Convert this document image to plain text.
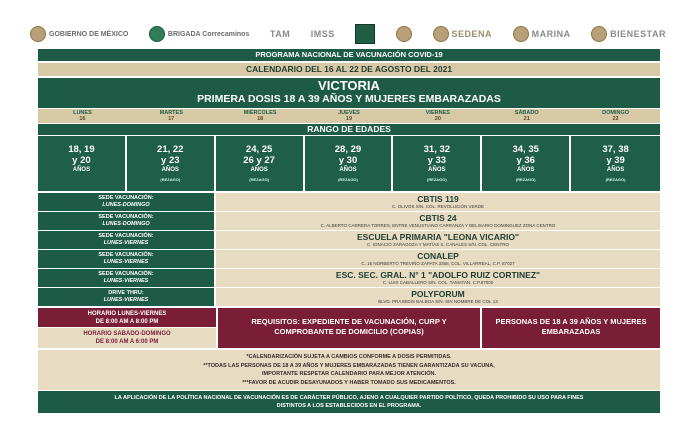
GOBIERNO DE MÉXICO	BRIGADA Correcaminos TAM IMSS	SEDENA	MARINA	BIENESTAR
PROGRAMA NACIONAL DE VACUNACIÓN COVID-19
CALENDARIO DEL 16 AL 22 DE AGOSTO DEL 2021
VICTORIA
PRIMERA DOSIS 18 A 39 AÑOS Y MUJERES EMBARAZADAS
LUNES
16
MARTES
17
MIÉRCOLES
18
JUEVES
19
VIERNES
20
SÁBADO
21
DOMINGO
22
RANGO DE EDADES
18, 19
y 20
AÑOS
21, 22
y 23
AÑOS
(REZAGO)
24, 25
26 y 27
AÑOS
(REZAGO)
28, 29
y 30
AÑOS
(REZAGO)
31, 32
y 33
AÑOS
(REZAGO)
34, 35
y 36
AÑOS
(REZAGO)
37, 38
y 39
AÑOS
(REZAGO)
SEDE VACUNACIÓN:
LUNES-DOMINGO
CBTIS 119
C. OLIVOS S/N. COL. REVOLUCIÓN VERDE
SEDE VACUNACIÓN:
LUNES-DOMINGO
CBTIS 24
C. ALBERTO CARRERA TORRES, ENTRE VENUSTIANO CARRANZA Y BELISARIO DOMINGUEZ ZONA CENTRO
SEDE VACUNACIÓN:
LUNES-VIERNES
ESCUELA PRIMARIA "LEONA VICARIO"
C. IGNACIO ZARAGOZA Y MATÍAS S. CANALES S/N. COL. CENTRO
SEDE VACUNACIÓN:
LUNES-VIERNES
CONALEP
C. 16 NORBERTO TREVIÑO ZAPATA 3368, COL. VILLARREAL, C.P. 87027
SEDE VACUNACIÓN:
LUNES-VIERNES
ESC. SEC. GRAL. N° 1 "ADOLFO RUIZ CORTINEZ"
C. LUIS CABALLERO S/N. COL. TAMATAN. C.P.87000
DRIVE THRU:
LUNES-VIERNES
POLYFORUM
BLVD. PRAXEDIS BALBOA S/N. SIN NOMBRE DE COL 13
HORARIO LUNES-VIERNES
DE 8:00 AM A 8:00 PM
HORARIO SABADO-DOMINGO
DE 8:00 AM A 6:00 PM
REQUISITOS: EXPEDIENTE DE VACUNACIÓN, CURP Y COMPROBANTE DE DOMICILIO (COPIAS)
PERSONAS DE 18 A 39 AÑOS Y MUJERES EMBARAZADAS
*CALENDARIZACIÓN SUJETA A CAMBIOS CONFORME A DOSIS PERMITIDAS.
**TODAS LAS PERSONAS DE 18 A 39 AÑOS Y MUJERES EMBARAZADAS TIENEN GARANTIZADA SU VACUNA,
IMPORTANTE RESPETAR CALENDARIO PARA MEJOR ATENCIÓN.
***FAVOR DE ACUDIR DESAYUNADOS Y HABER TOMADO SUS MEDICAMENTOS.
LA APLICACIÓN DE LA POLÍTICA NACIONAL DE VACUNACIÓN ES DE CARÁCTER PÚBLICO, AJENO A CUALQUIER PARTIDO POLÍTICO, QUEDA PROHIBIDO SU USO PARA FINES
DISTINTOS A LOS ESTABLECIDOS EN EL PROGRAMA.
